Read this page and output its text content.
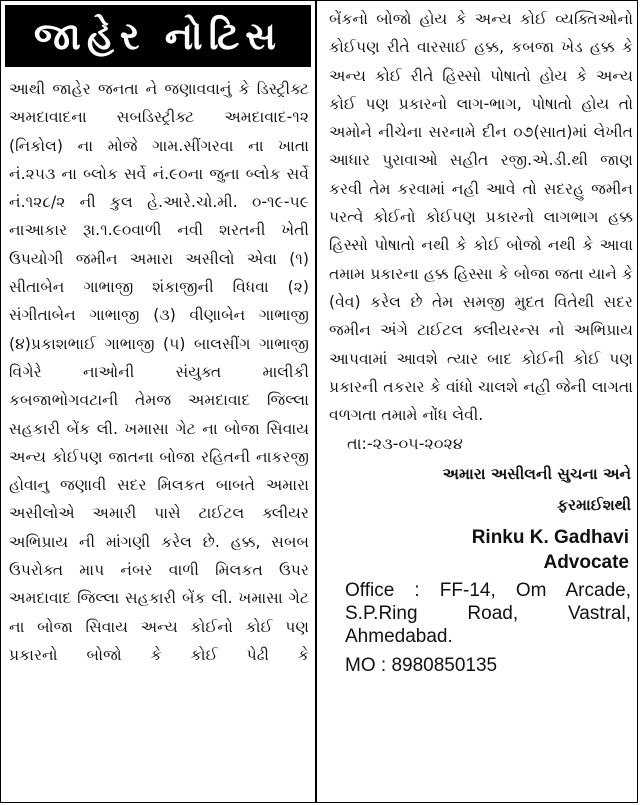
જાહેર નોટિસ
આથી જાહેર જનતા ને જણાવવાનું કે ડિસ્ટ્રીક્ટ અમદાવાદના સબડિસ્ટ્રીક્ટ અમદાવાદ-૧૨ (નિકોલ) ના મોજે ગામ.સીંગરવા ના ખાતા નં.૨૫૩ ના બ્લોક સર્વે નં.૯૦ના જુના બ્લોક સર્વે નં.૧૨૮/૨ ની કુલ હે.આરે.ચો.મી. ૦-૧૯-૫૯ નાઆકાર રૂા.૧.૯૦વાળી નવી શરતની ખેતી ઉપયોગી જમીન અમારા અસીલો એવા (૧) સીતાબેન ગાભાજી શંકાજીની વિધવા (૨) સંગીતાબેન ગાભાજી (૩) વીણાબેન ગાભાજી (૪)પ્રકાશભાઈ ગાભાજી (૫) બાલસીંગ ગાભાજી વિગેરે નાઓની સંયુક્ત માલીકી કબજાભોગવટાની તેમજ અમદાવાદ જિલ્લા સહકારી બેંક લી. ખમાસા ગેટ ના બોજા સિવાય અન્ય કોઈપણ જાતના બોજા રહિતની નાકરજી હોવાનુ જણાવી સદર મિલકત બાબતે અમારા અસીલોએ અમારી પાસે ટાઈટલ ક્લીયર અભિપ્રાય ની માંગણી કરેલ છે. હક્ક, સબબ ઉપરોક્ત માપ નંબર વાળી મિલકત ઉપર અમદાવાદ જિલ્લા સહકારી બેંક લી. ખમાસા ગેટ ના બોજા સિવાય અન્ય કોઈનો કોઈ પણ પ્રકારનો બોજો કે કોઈ પેઢી કે
બેંકનો બોજો હોય કે અન્ય કોઈ વ્યક્તિઓનો કોઈપણ રીતે વારસાઈ હક્ક, કબજા ખેડ હક્ક કે અન્ય કોઈ રીતે હિસ્સો પોષાતો હોય કે અન્ય કોઈ પણ પ્રકારનો લાગ-ભાગ, પોષાતો હોય તો અમોને નીચેના સરનામે દીન ૦૭(સાત)માં લેખીત આધાર પુરાવાઓ સહીત રજી.એ.ડી.થી જાણ કરવી તેમ કરવામાં નહી આવે તો સદરહુ જમીન પરત્વે કોઈનો કોઈપણ પ્રકારનો લાગભાગ હક્ક હિસ્સો પોષાતો નથી કે કોઈ બોજો નથી કે આવા તમામ પ્રકારના હક્ક હિસ્સા કે બોજા જતા યાને કે (વેવ) કરેલ છે તેમ સમજી મુદત વિતેથી સદર જમીન અંગે ટાઈટલ ક્લીયરન્સ નો અભિપ્રાય આપવામાં આવશે ત્યાર બાદ કોઈની કોઈ પણ પ્રકારની તકરાર કે વાંધો ચાલશે નહી જેની લાગતા વળગતા તમામે નોંધ લેવી.
તા:-૨૩-૦૫-૨૦૨૪
અમારા અસીલની સુચના અને
ફરમાઈશથી
Rinku K. Gadhavi
Advocate
Office : FF-14, Om Arcade, S.P.Ring Road, Vastral, Ahmedabad.
MO : 8980850135
